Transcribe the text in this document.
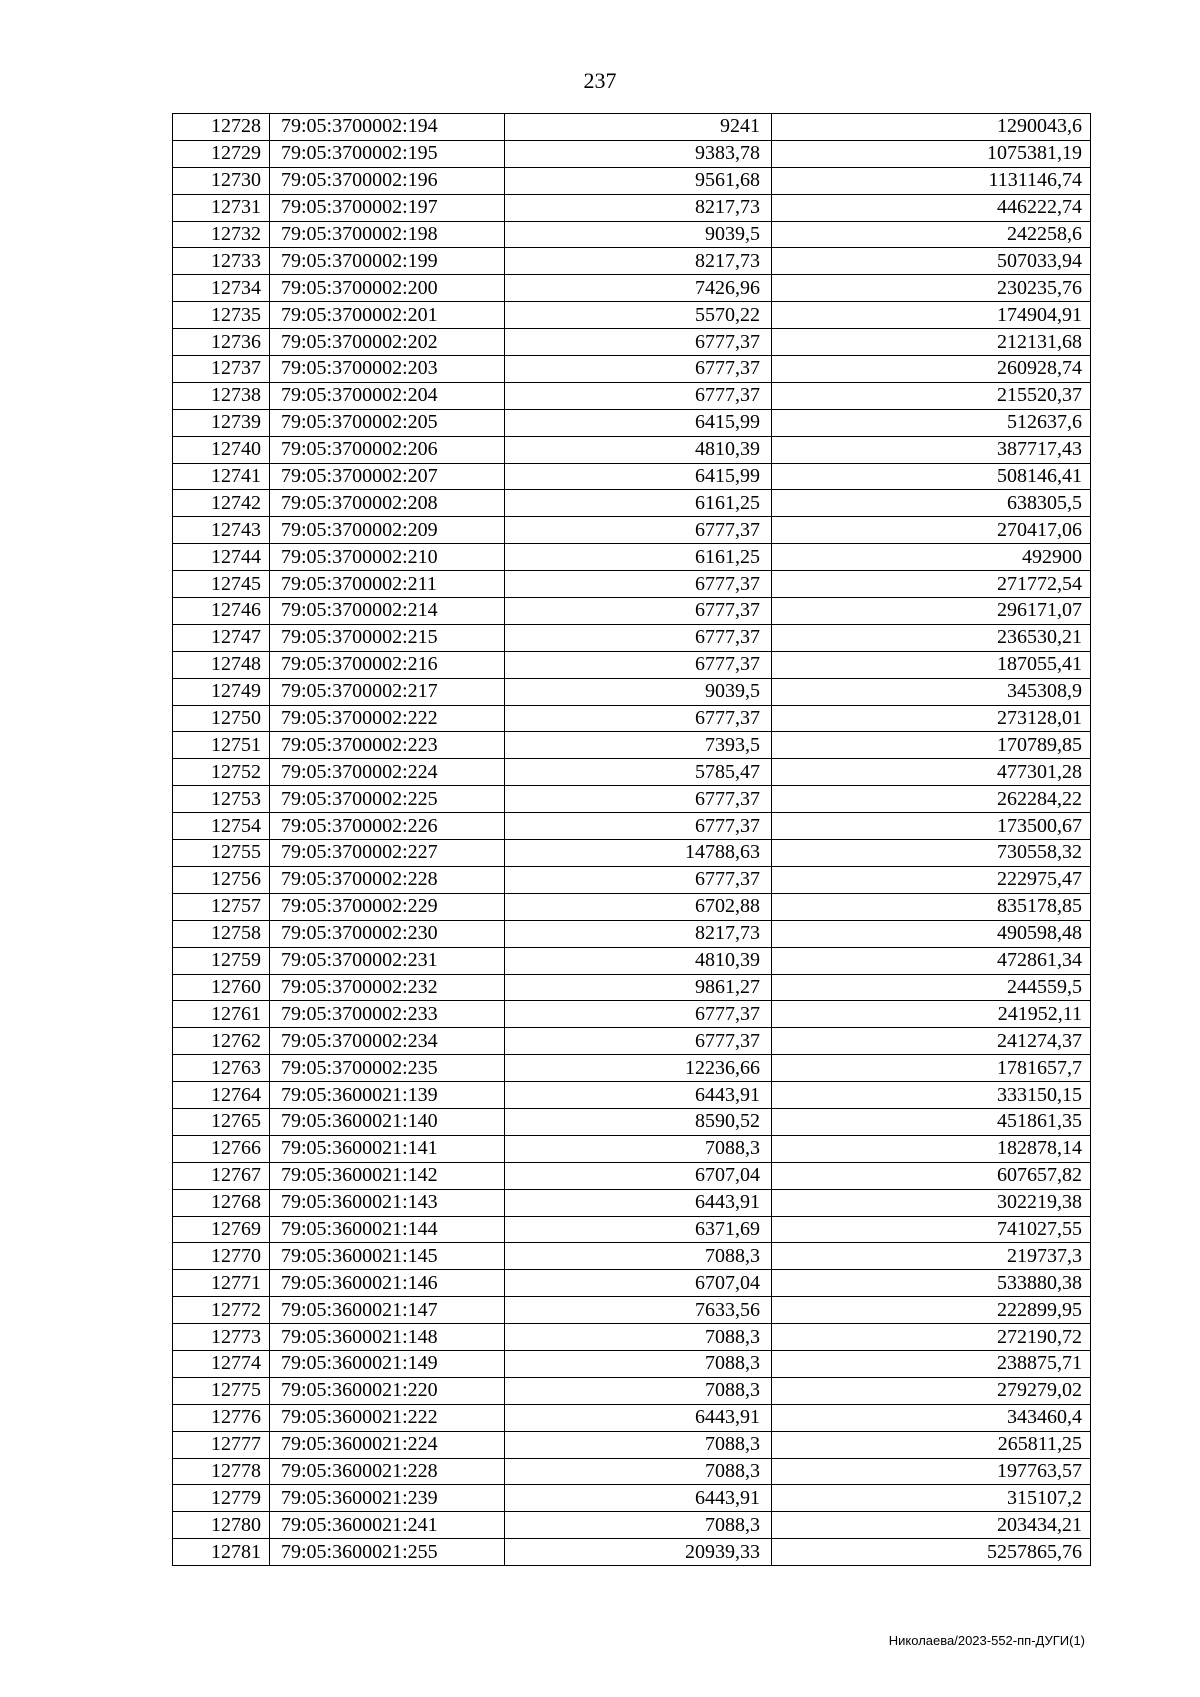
237
12728	79:05:3700002:194	9241	1290043,6
12729	79:05:3700002:195	9383,78	1075381,19
12730	79:05:3700002:196	9561,68	1131146,74
12731	79:05:3700002:197	8217,73	446222,74
12732	79:05:3700002:198	9039,5	242258,6
12733	79:05:3700002:199	8217,73	507033,94
12734	79:05:3700002:200	7426,96	230235,76
12735	79:05:3700002:201	5570,22	174904,91
12736	79:05:3700002:202	6777,37	212131,68
12737	79:05:3700002:203	6777,37	260928,74
12738	79:05:3700002:204	6777,37	215520,37
12739	79:05:3700002:205	6415,99	512637,6
12740	79:05:3700002:206	4810,39	387717,43
12741	79:05:3700002:207	6415,99	508146,41
12742	79:05:3700002:208	6161,25	638305,5
12743	79:05:3700002:209	6777,37	270417,06
12744	79:05:3700002:210	6161,25	492900
12745	79:05:3700002:211	6777,37	271772,54
12746	79:05:3700002:214	6777,37	296171,07
12747	79:05:3700002:215	6777,37	236530,21
12748	79:05:3700002:216	6777,37	187055,41
12749	79:05:3700002:217	9039,5	345308,9
12750	79:05:3700002:222	6777,37	273128,01
12751	79:05:3700002:223	7393,5	170789,85
12752	79:05:3700002:224	5785,47	477301,28
12753	79:05:3700002:225	6777,37	262284,22
12754	79:05:3700002:226	6777,37	173500,67
12755	79:05:3700002:227	14788,63	730558,32
12756	79:05:3700002:228	6777,37	222975,47
12757	79:05:3700002:229	6702,88	835178,85
12758	79:05:3700002:230	8217,73	490598,48
12759	79:05:3700002:231	4810,39	472861,34
12760	79:05:3700002:232	9861,27	244559,5
12761	79:05:3700002:233	6777,37	241952,11
12762	79:05:3700002:234	6777,37	241274,37
12763	79:05:3700002:235	12236,66	1781657,7
12764	79:05:3600021:139	6443,91	333150,15
12765	79:05:3600021:140	8590,52	451861,35
12766	79:05:3600021:141	7088,3	182878,14
12767	79:05:3600021:142	6707,04	607657,82
12768	79:05:3600021:143	6443,91	302219,38
12769	79:05:3600021:144	6371,69	741027,55
12770	79:05:3600021:145	7088,3	219737,3
12771	79:05:3600021:146	6707,04	533880,38
12772	79:05:3600021:147	7633,56	222899,95
12773	79:05:3600021:148	7088,3	272190,72
12774	79:05:3600021:149	7088,3	238875,71
12775	79:05:3600021:220	7088,3	279279,02
12776	79:05:3600021:222	6443,91	343460,4
12777	79:05:3600021:224	7088,3	265811,25
12778	79:05:3600021:228	7088,3	197763,57
12779	79:05:3600021:239	6443,91	315107,2
12780	79:05:3600021:241	7088,3	203434,21
12781	79:05:3600021:255	20939,33	5257865,76
Николаева/2023-552-пп-ДУГИ(1)
